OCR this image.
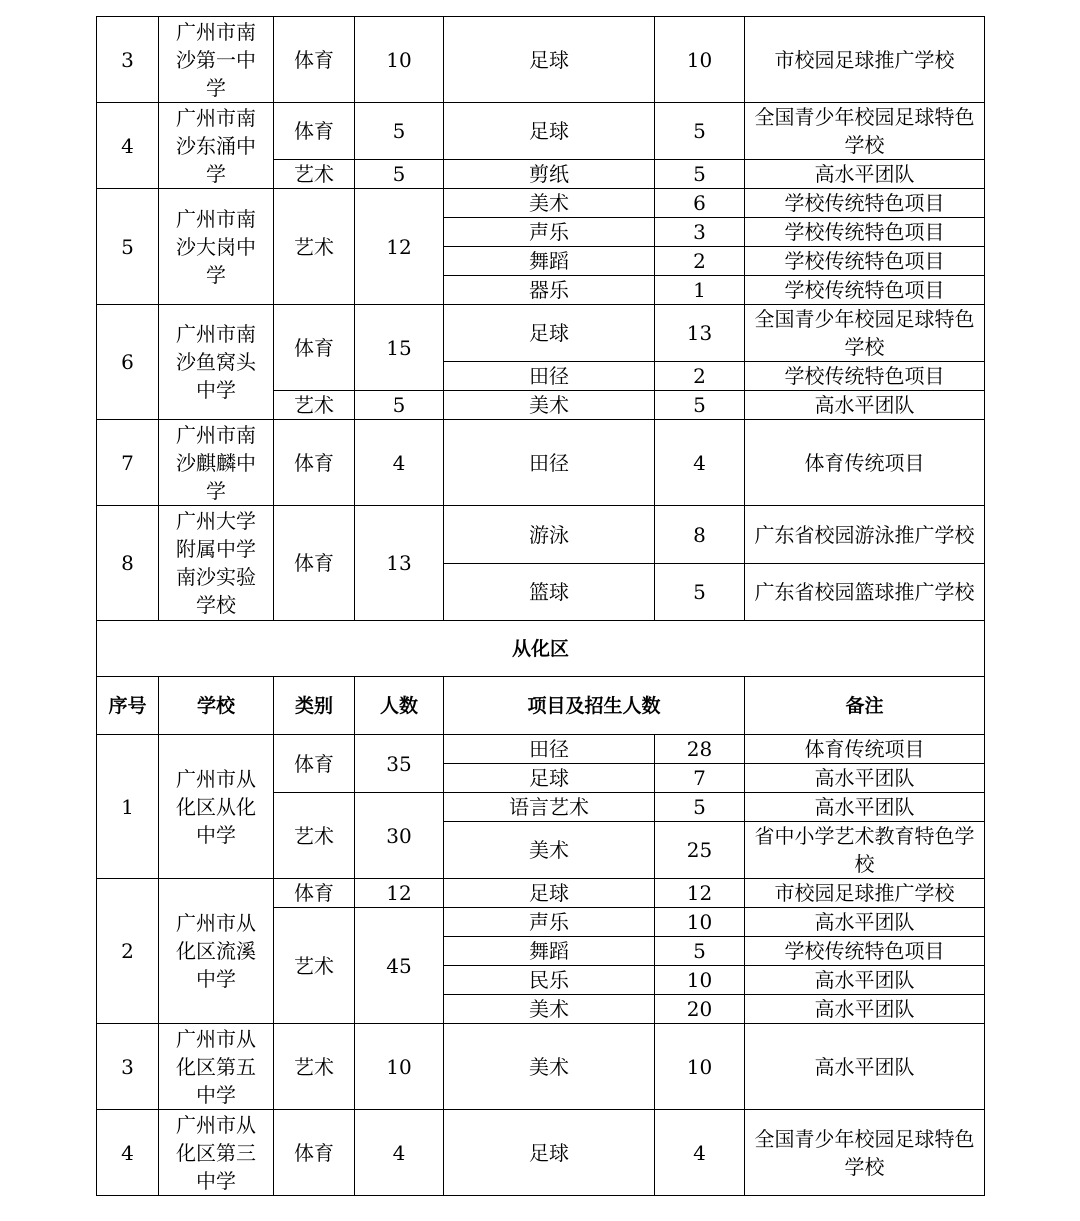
3	广州市南沙第一中学	体育	10	足球	10	市校园足球推广学校
4	广州市南沙东涌中学	体育	5	足球	5	全国青少年校园足球特色学校
		艺术	5	剪纸	5	高水平团队
5	广州市南沙大岗中学	艺术	12	美术	6	学校传统特色项目
				声乐	3	学校传统特色项目
				舞蹈	2	学校传统特色项目
				器乐	1	学校传统特色项目
6	广州市南沙鱼窝头中学	体育	15	足球	13	全国青少年校园足球特色学校
				田径	2	学校传统特色项目
		艺术	5	美术	5	高水平团队
7	广州市南沙麒麟中学	体育	4	田径	4	体育传统项目
8	广州大学附属中学南沙实验学校	体育	13	游泳	8	广东省校园游泳推广学校
				篮球	5	广东省校园篮球推广学校
从化区						
序号	学校	类别	人数	项目及招生人数		备注
1	广州市从化区从化中学	体育	35	田径	28	体育传统项目
				足球	7	高水平团队
		艺术	30	语言艺术	5	高水平团队
				美术	25	省中小学艺术教育特色学校
2	广州市从化区流溪中学	体育	12	足球	12	市校园足球推广学校
		艺术	45	声乐	10	高水平团队
				舞蹈	5	学校传统特色项目
				民乐	10	高水平团队
				美术	20	高水平团队
3	广州市从化区第五中学	艺术	10	美术	10	高水平团队
4	广州市从化区第三中学	体育	4	足球	4	全国青少年校园足球特色学校
